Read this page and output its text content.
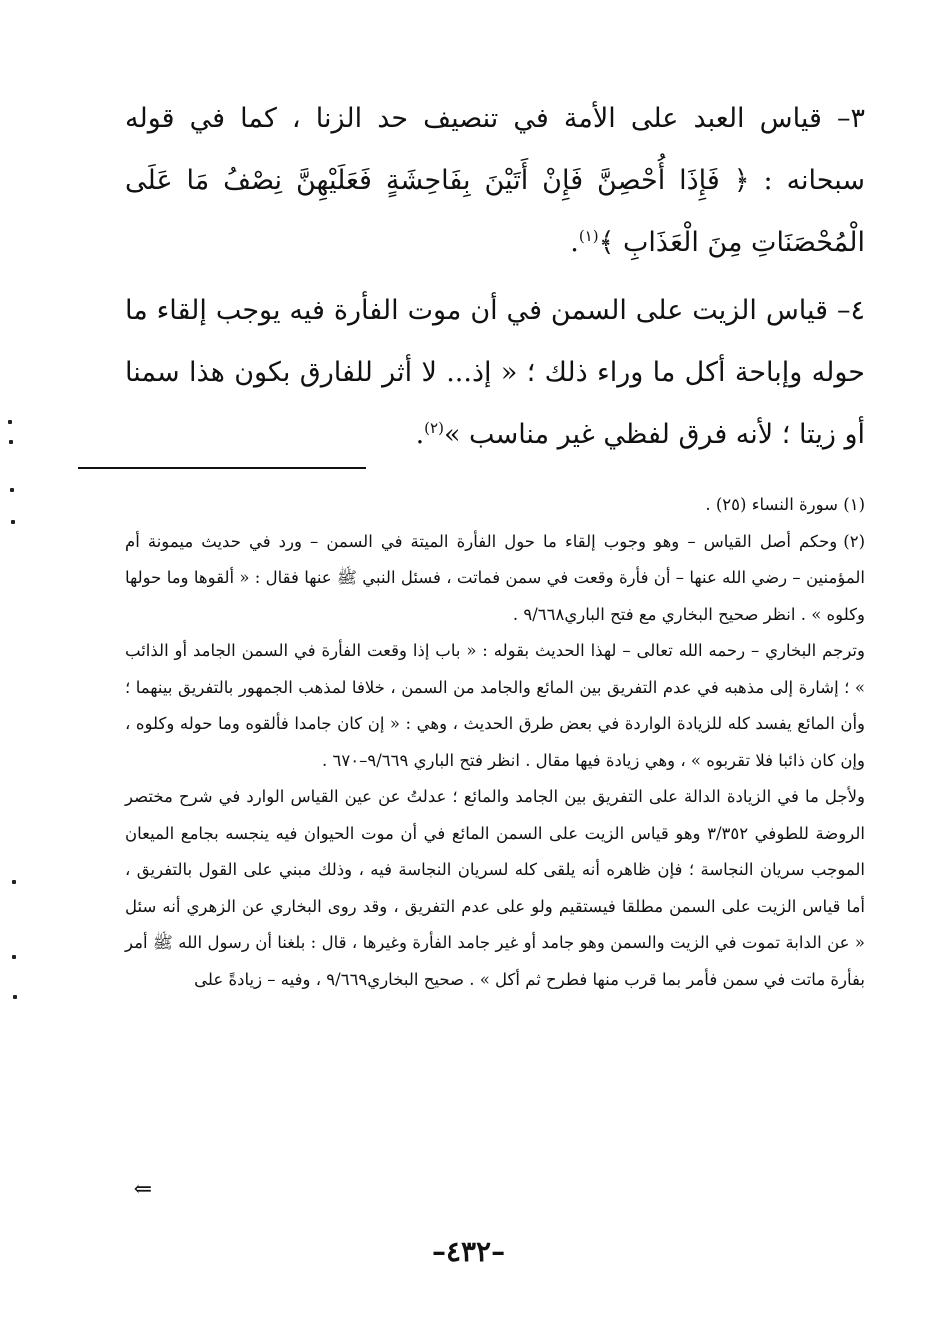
٣– قياس العبد على الأمة في تنصيف حد الزنا ، كما في قوله سبحانه : ﴿ فَإِذَا أُحْصِنَّ فَإِنْ أَتَيْنَ بِفَاحِشَةٍ فَعَلَيْهِنَّ نِصْفُ مَا عَلَى الْمُحْصَنَاتِ مِنَ الْعَذَابِ ﴾$^{(١)}$.

٤– قياس الزيت على السمن في أن موت الفأرة فيه يوجب إلقاء ما حوله وإباحة أكل ما وراء ذلك ؛ « إذ... لا أثر للفارق بكون هذا سمنا أو زيتا ؛ لأنه فرق لفظي غير مناسب »$^{(٢)}$.

(١) سورة النساء (٢٥) .

(٢)وحكم أصل القياس – وهو وجوب إلقاء ما حول الفأرة الميتة في السمن – ورد في حديث ميمونة أم المؤمنين – رضي الله عنها – أن فأرة وقعت في سمن فماتت ، فسئل النبي ﷺ عنها فقال : « ألقوها وما حولها وكلوه » . انظر صحيح البخاري مع فتح الباري٩/٦٦٨ .

وترجم البخاري – رحمه الله تعالى – لهذا الحديث بقوله : « باب إذا وقعت الفأرة في السمن الجامد أو الذائب » ؛ إشارة إلى مذهبه في عدم التفريق بين المائع والجامد من السمن ، خلافا لمذهب الجمهور بالتفريق بينهما ؛ وأن المائع يفسد كله للزيادة الواردة في بعض طرق الحديث ، وهي : « إن كان جامدا فألقوه وما حوله وكلوه ، وإن كان ذائبا فلا تقربوه » ، وهي زيادة فيها مقال . انظر فتح الباري ٩/٦٦٩–٦٧٠ .

ولأجل ما في الزيادة الدالة على التفريق بين الجامد والمائع ؛ عدلتُ عن عين القياس الوارد في شرح مختصر الروضة للطوفي ٣/٣٥٢ وهو قياس الزيت على السمن المائع في أن موت الحيوان فيه ينجسه بجامع الميعان الموجب سريان النجاسة ؛ فإن ظاهره أنه يلقى كله لسريان النجاسة فيه ، وذلك مبني على القول بالتفريق ، أما قياس الزيت على السمن مطلقا فيستقيم ولو على عدم التفريق ، وقد روى البخاري عن الزهري أنه سئل « عن الدابة تموت في الزيت والسمن وهو جامد أو غير جامد الفأرة وغيرها ، قال : بلغنا أن رسول الله ﷺ أمر بفأرة ماتت في سمن فأمر بما قرب منها فطرح ثم أكل » . صحيح البخاري٩/٦٦٩ ، وفيه – زيادةً على

⇐
–٤٣٢–
